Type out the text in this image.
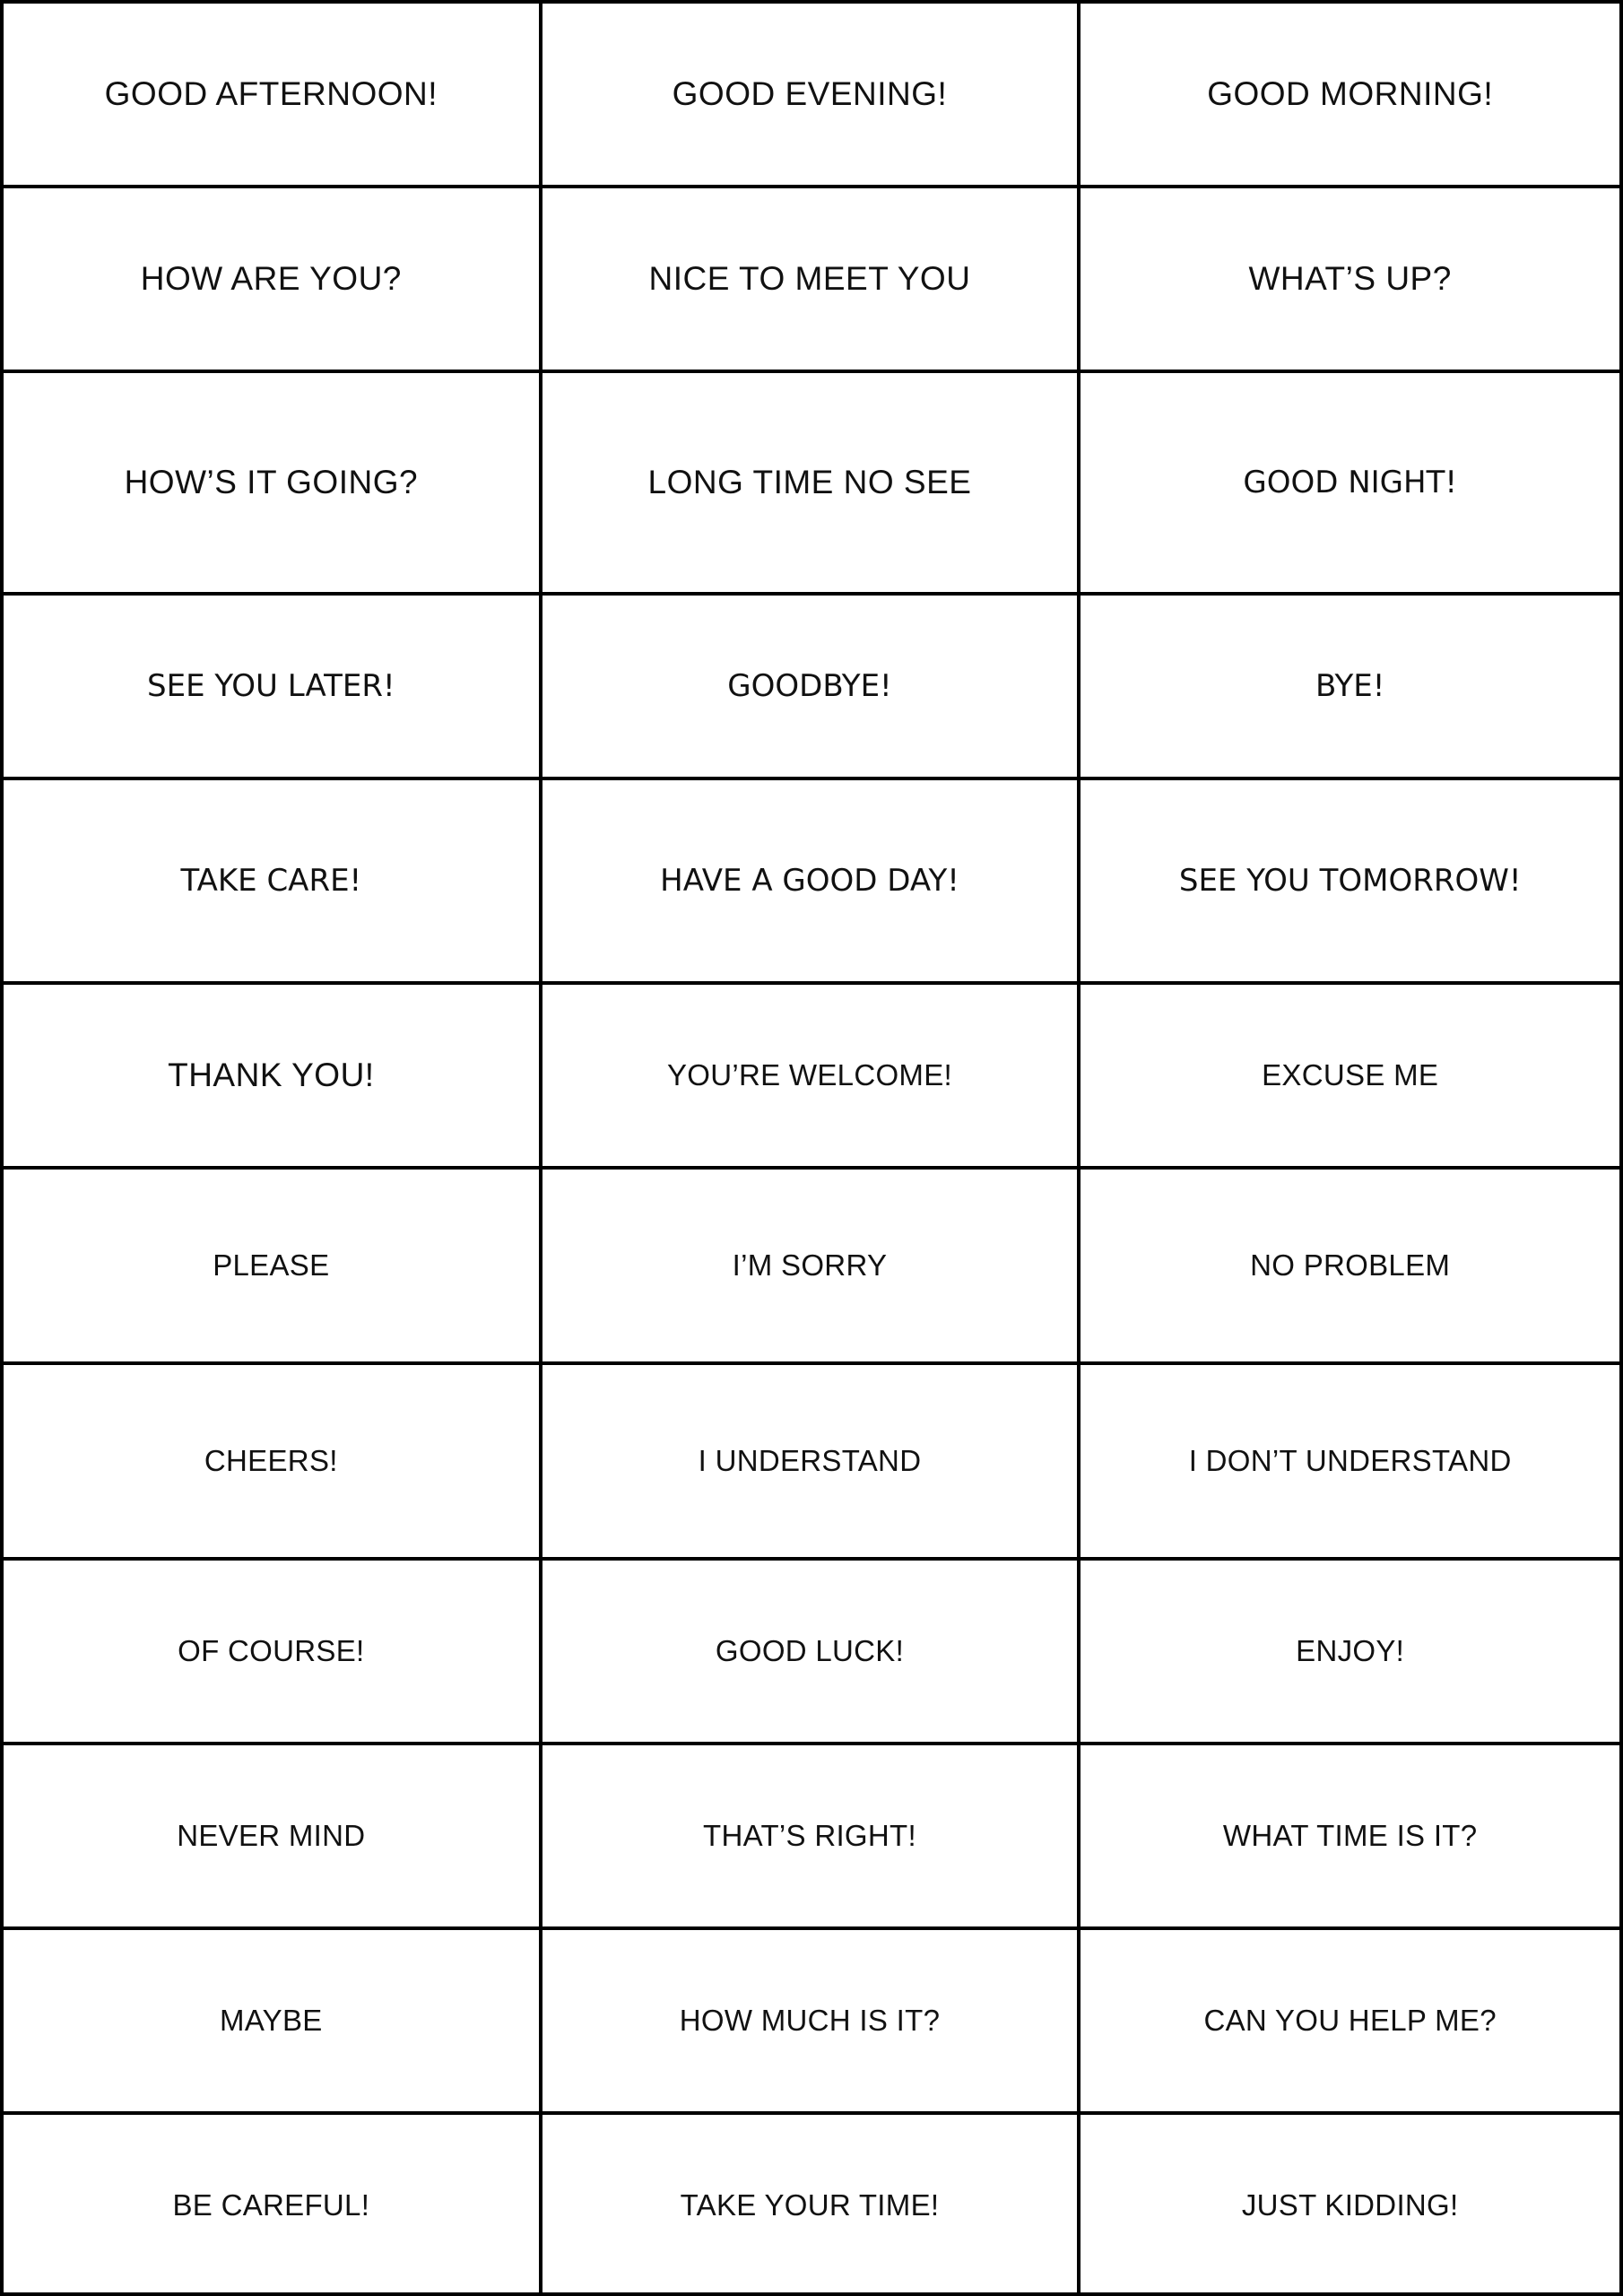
GOOD AFTERNOON!	GOOD EVENING!	GOOD MORNING!
HOW ARE YOU?	NICE TO MEET YOU	WHAT’S UP?
HOW’S IT GOING?	LONG TIME NO SEE	GOOD NIGHT!
SEE YOU LATER!	GOODBYE!	BYE!
TAKE CARE!	HAVE A GOOD DAY!	SEE YOU TOMORROW!
THANK YOU!	YOU’RE WELCOME!	EXCUSE ME
PLEASE	I’M SORRY	NO PROBLEM
CHEERS!	I UNDERSTAND	I DON’T UNDERSTAND
OF COURSE!	GOOD LUCK!	ENJOY!
NEVER MIND	THAT’S RIGHT!	WHAT TIME IS IT?
MAYBE	HOW MUCH IS IT?	CAN YOU HELP ME?
BE CAREFUL!	TAKE YOUR TIME!	JUST KIDDING!
